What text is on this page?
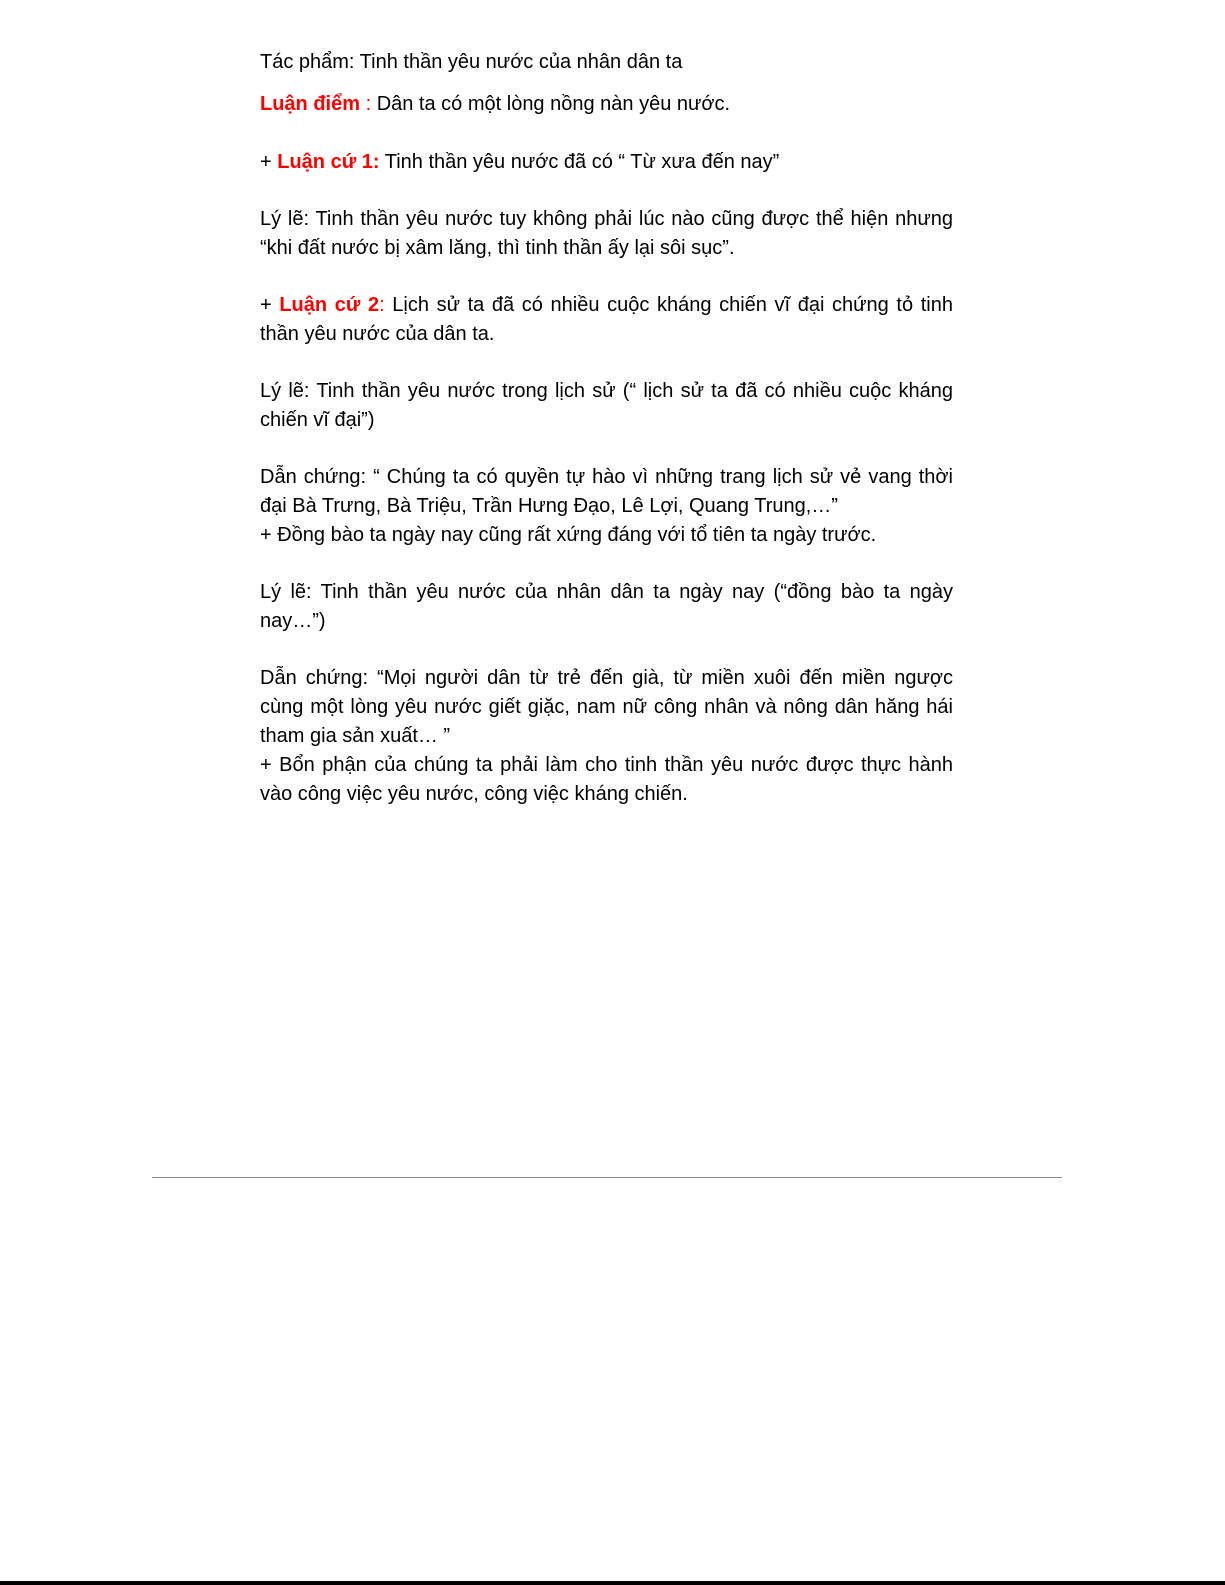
Tác phẩm: Tinh thần yêu nước của nhân dân ta

Luận điểm : Dân ta có một lòng nồng nàn yêu nước.

+ Luận cứ 1: Tinh thần yêu nước đã có “ Từ xưa đến nay”

Lý lẽ: Tinh thần yêu nước tuy không phải lúc nào cũng được thể hiện nhưng “khi đất nước bị xâm lăng, thì tinh thần ấy lại sôi sục”.

+ Luận cứ 2: Lịch sử ta đã có nhiều cuộc kháng chiến vĩ đại chứng tỏ tinh thần yêu nước của dân ta.

Lý lẽ: Tinh thần yêu nước trong lịch sử (“ lịch sử ta đã có nhiều cuộc kháng chiến vĩ đại”)

Dẫn chứng: “ Chúng ta có quyền tự hào vì những trang lịch sử vẻ vang thời đại Bà Trưng, Bà Triệu, Trần Hưng Đạo, Lê Lợi, Quang Trung,…”

+ Đồng bào ta ngày nay cũng rất xứng đáng với tổ tiên ta ngày trước.

Lý lẽ: Tinh thần yêu nước của nhân dân ta ngày nay (“đồng bào ta ngày nay…”)

Dẫn chứng: “Mọi người dân từ trẻ đến già, từ miền xuôi đến miền ngược cùng một lòng yêu nước giết giặc, nam nữ công nhân và nông dân hăng hái tham gia sản xuất… ”

+ Bổn phận của chúng ta phải làm cho tinh thần yêu nước được thực hành vào công việc yêu nước, công việc kháng chiến.
